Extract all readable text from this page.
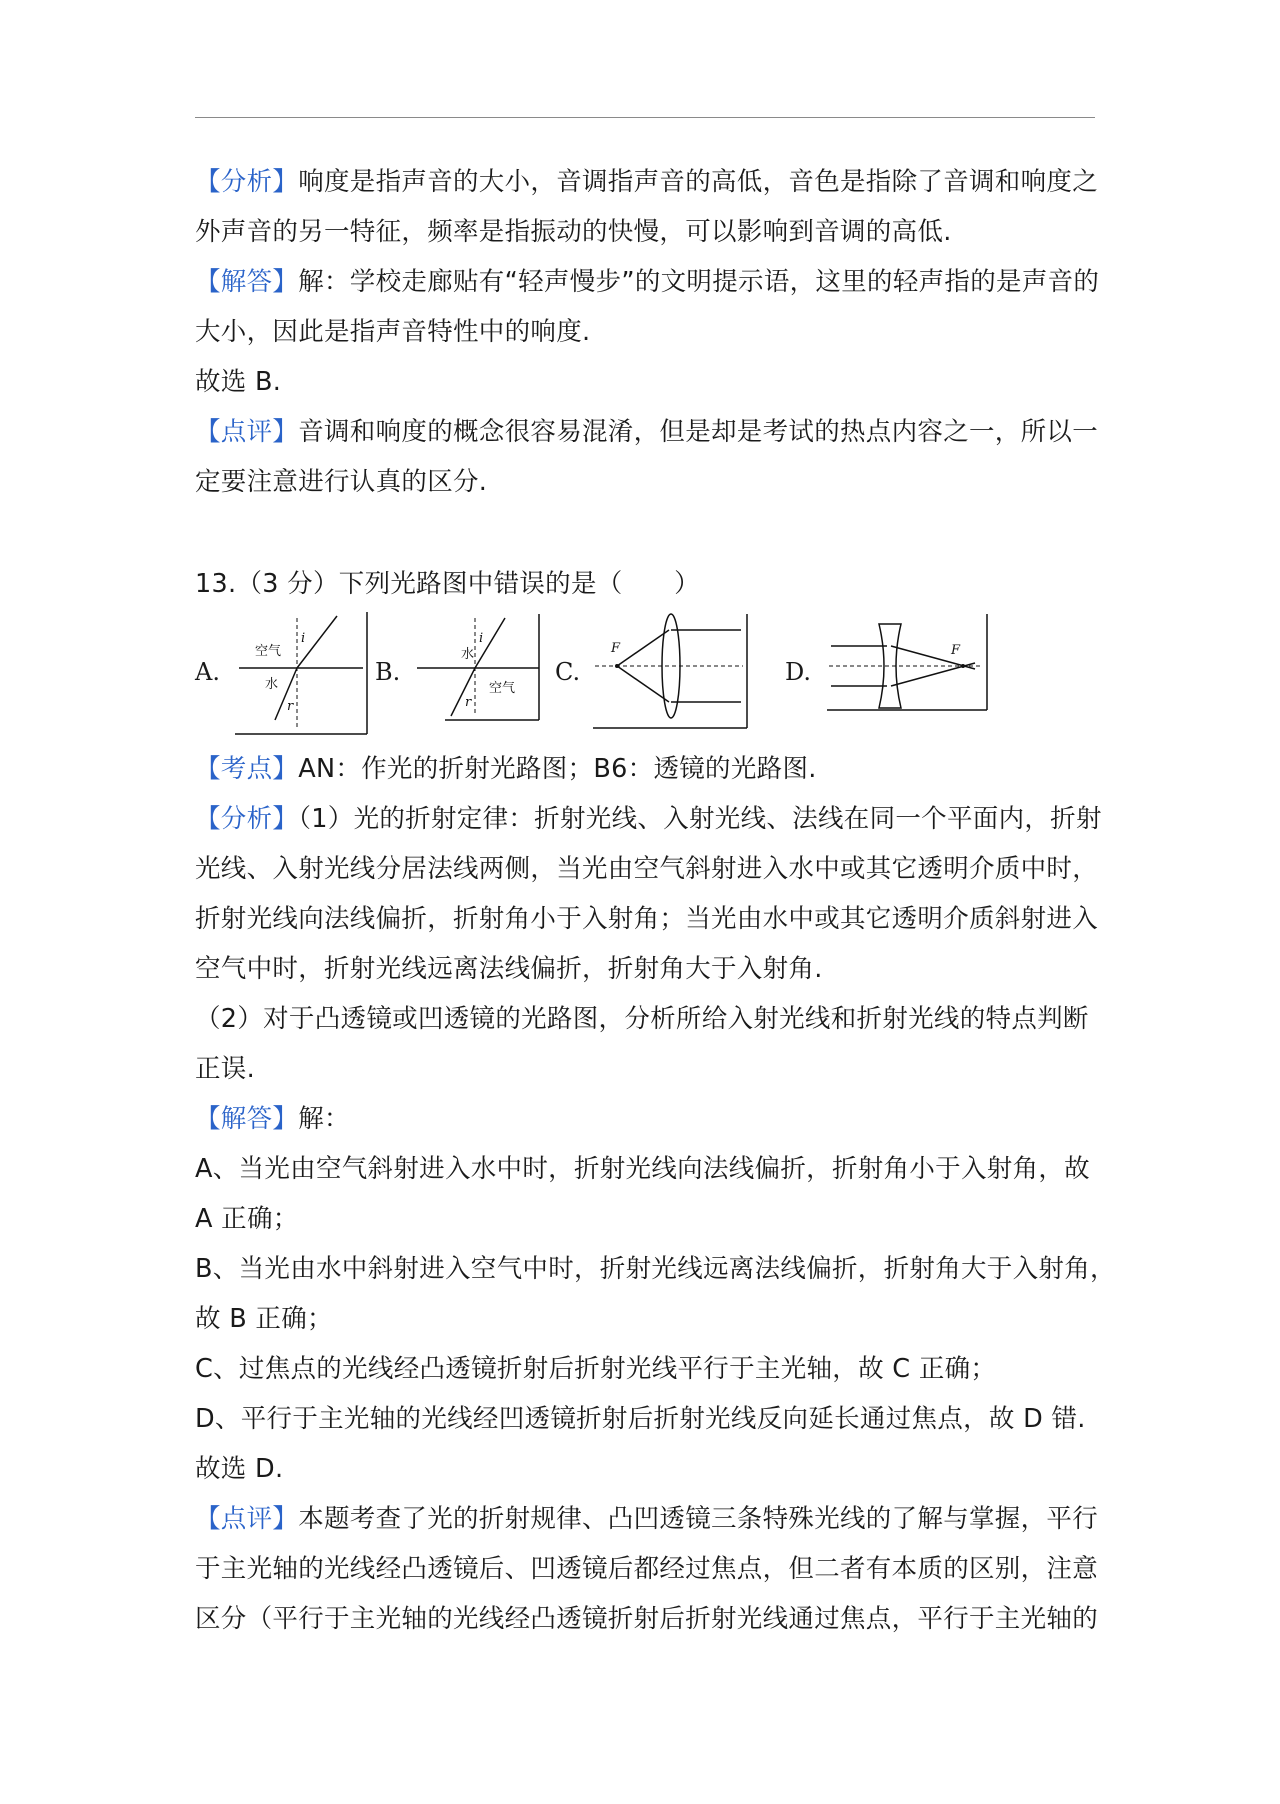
【分析】响度是指声音的大小，音调指声音的高低，音色是指除了音调和响度之
外声音的另一特征，频率是指振动的快慢，可以影响到音调的高低.
【解答】解：学校走廊贴有“轻声慢步”的文明提示语，这里的轻声指的是声音的
大小，因此是指声音特性中的响度.
故选 B.
【点评】音调和响度的概念很容易混淆，但是却是考试的热点内容之一，所以一
定要注意进行认真的区分.
13.（3 分）下列光路图中错误的是（　　）
【考点】AN：作光的折射光路图；B6：透镜的光路图.
【分析】（1）光的折射定律：折射光线、入射光线、法线在同一个平面内，折射
光线、入射光线分居法线两侧，当光由空气斜射进入水中或其它透明介质中时，
折射光线向法线偏折，折射角小于入射角；当光由水中或其它透明介质斜射进入
空气中时，折射光线远离法线偏折，折射角大于入射角.
（2）对于凸透镜或凹透镜的光路图，分析所给入射光线和折射光线的特点判断
正误.
【解答】解：
A、当光由空气斜射进入水中时，折射光线向法线偏折，折射角小于入射角，故
A 正确；
B、当光由水中斜射进入空气中时，折射光线远离法线偏折，折射角大于入射角，
故 B 正确；
C、过焦点的光线经凸透镜折射后折射光线平行于主光轴，故 C 正确；
D、平行于主光轴的光线经凹透镜折射后折射光线反向延长通过焦点，故 D 错.
故选 D.
【点评】本题考查了光的折射规律、凸凹透镜三条特殊光线的了解与掌握，平行
于主光轴的光线经凸透镜后、凹透镜后都经过焦点，但二者有本质的区别，注意
区分（平行于主光轴的光线经凸透镜折射后折射光线通过焦点，平行于主光轴的
A.
空气
水
i
r
B.
水
空气
i
r
C.
F
D.
F
